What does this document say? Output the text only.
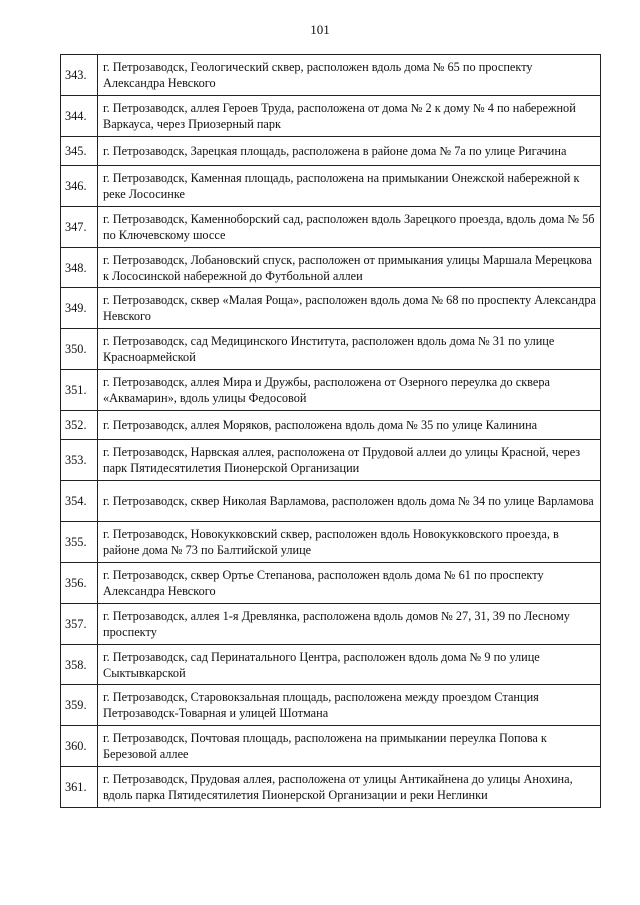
101
343.	г. Петрозаводск, Геологический сквер, расположен вдоль дома № 65 по проспекту Александра Невского
344.	г. Петрозаводск, аллея Героев Труда, расположена от дома № 2 к дому № 4 по набережной Варкауса, через Приозерный парк
345.	г. Петрозаводск, Зарецкая площадь, расположена в районе дома № 7а по улице Ригачина
346.	г. Петрозаводск, Каменная площадь, расположена на примыкании Онежской набережной к реке Лососинке
347.	г. Петрозаводск, Каменноборский сад, расположен вдоль Зарецкого проезда, вдоль дома № 5б по Ключевскому шоссе
348.	г. Петрозаводск, Лобановский спуск, расположен от примыкания улицы Маршала Мерецкова к Лососинской набережной до Футбольной аллеи
349.	г. Петрозаводск, сквер «Малая Роща», расположен вдоль дома № 68 по проспекту Александра Невского
350.	г. Петрозаводск, сад Медицинского Института, расположен вдоль дома № 31 по улице Красноармейской
351.	г. Петрозаводск, аллея Мира и Дружбы, расположена от Озерного переулка до сквера «Аквамарин», вдоль улицы Федосовой
352.	г. Петрозаводск, аллея Моряков, расположена вдоль дома № 35 по улице Калинина
353.	г. Петрозаводск, Нарвская аллея, расположена от Прудовой аллеи до улицы Красной, через парк Пятидесятилетия Пионерской Организации
354.	г. Петрозаводск, сквер Николая Варламова, расположен вдоль дома № 34 по улице Варламова
355.	г. Петрозаводск, Новокукковский сквер, расположен вдоль Новокукковского проезда, в районе дома № 73 по Балтийской улице
356.	г. Петрозаводск, сквер Ортье Степанова, расположен вдоль дома № 61 по проспекту Александра Невского
357.	г. Петрозаводск, аллея 1-я Древлянка, расположена вдоль домов № 27, 31, 39 по Лесному проспекту
358.	г. Петрозаводск, сад Перинатального Центра, расположен вдоль дома № 9 по улице Сыктывкарской
359.	г. Петрозаводск, Старовокзальная площадь, расположена между проездом Станция Петрозаводск-Товарная и улицей Шотмана
360.	г. Петрозаводск, Почтовая площадь, расположена на примыкании переулка Попова к Березовой аллее
361.	г. Петрозаводск, Прудовая аллея, расположена от улицы Антикайнена до улицы Анохина, вдоль парка Пятидесятилетия Пионерской Организации и реки Неглинки
